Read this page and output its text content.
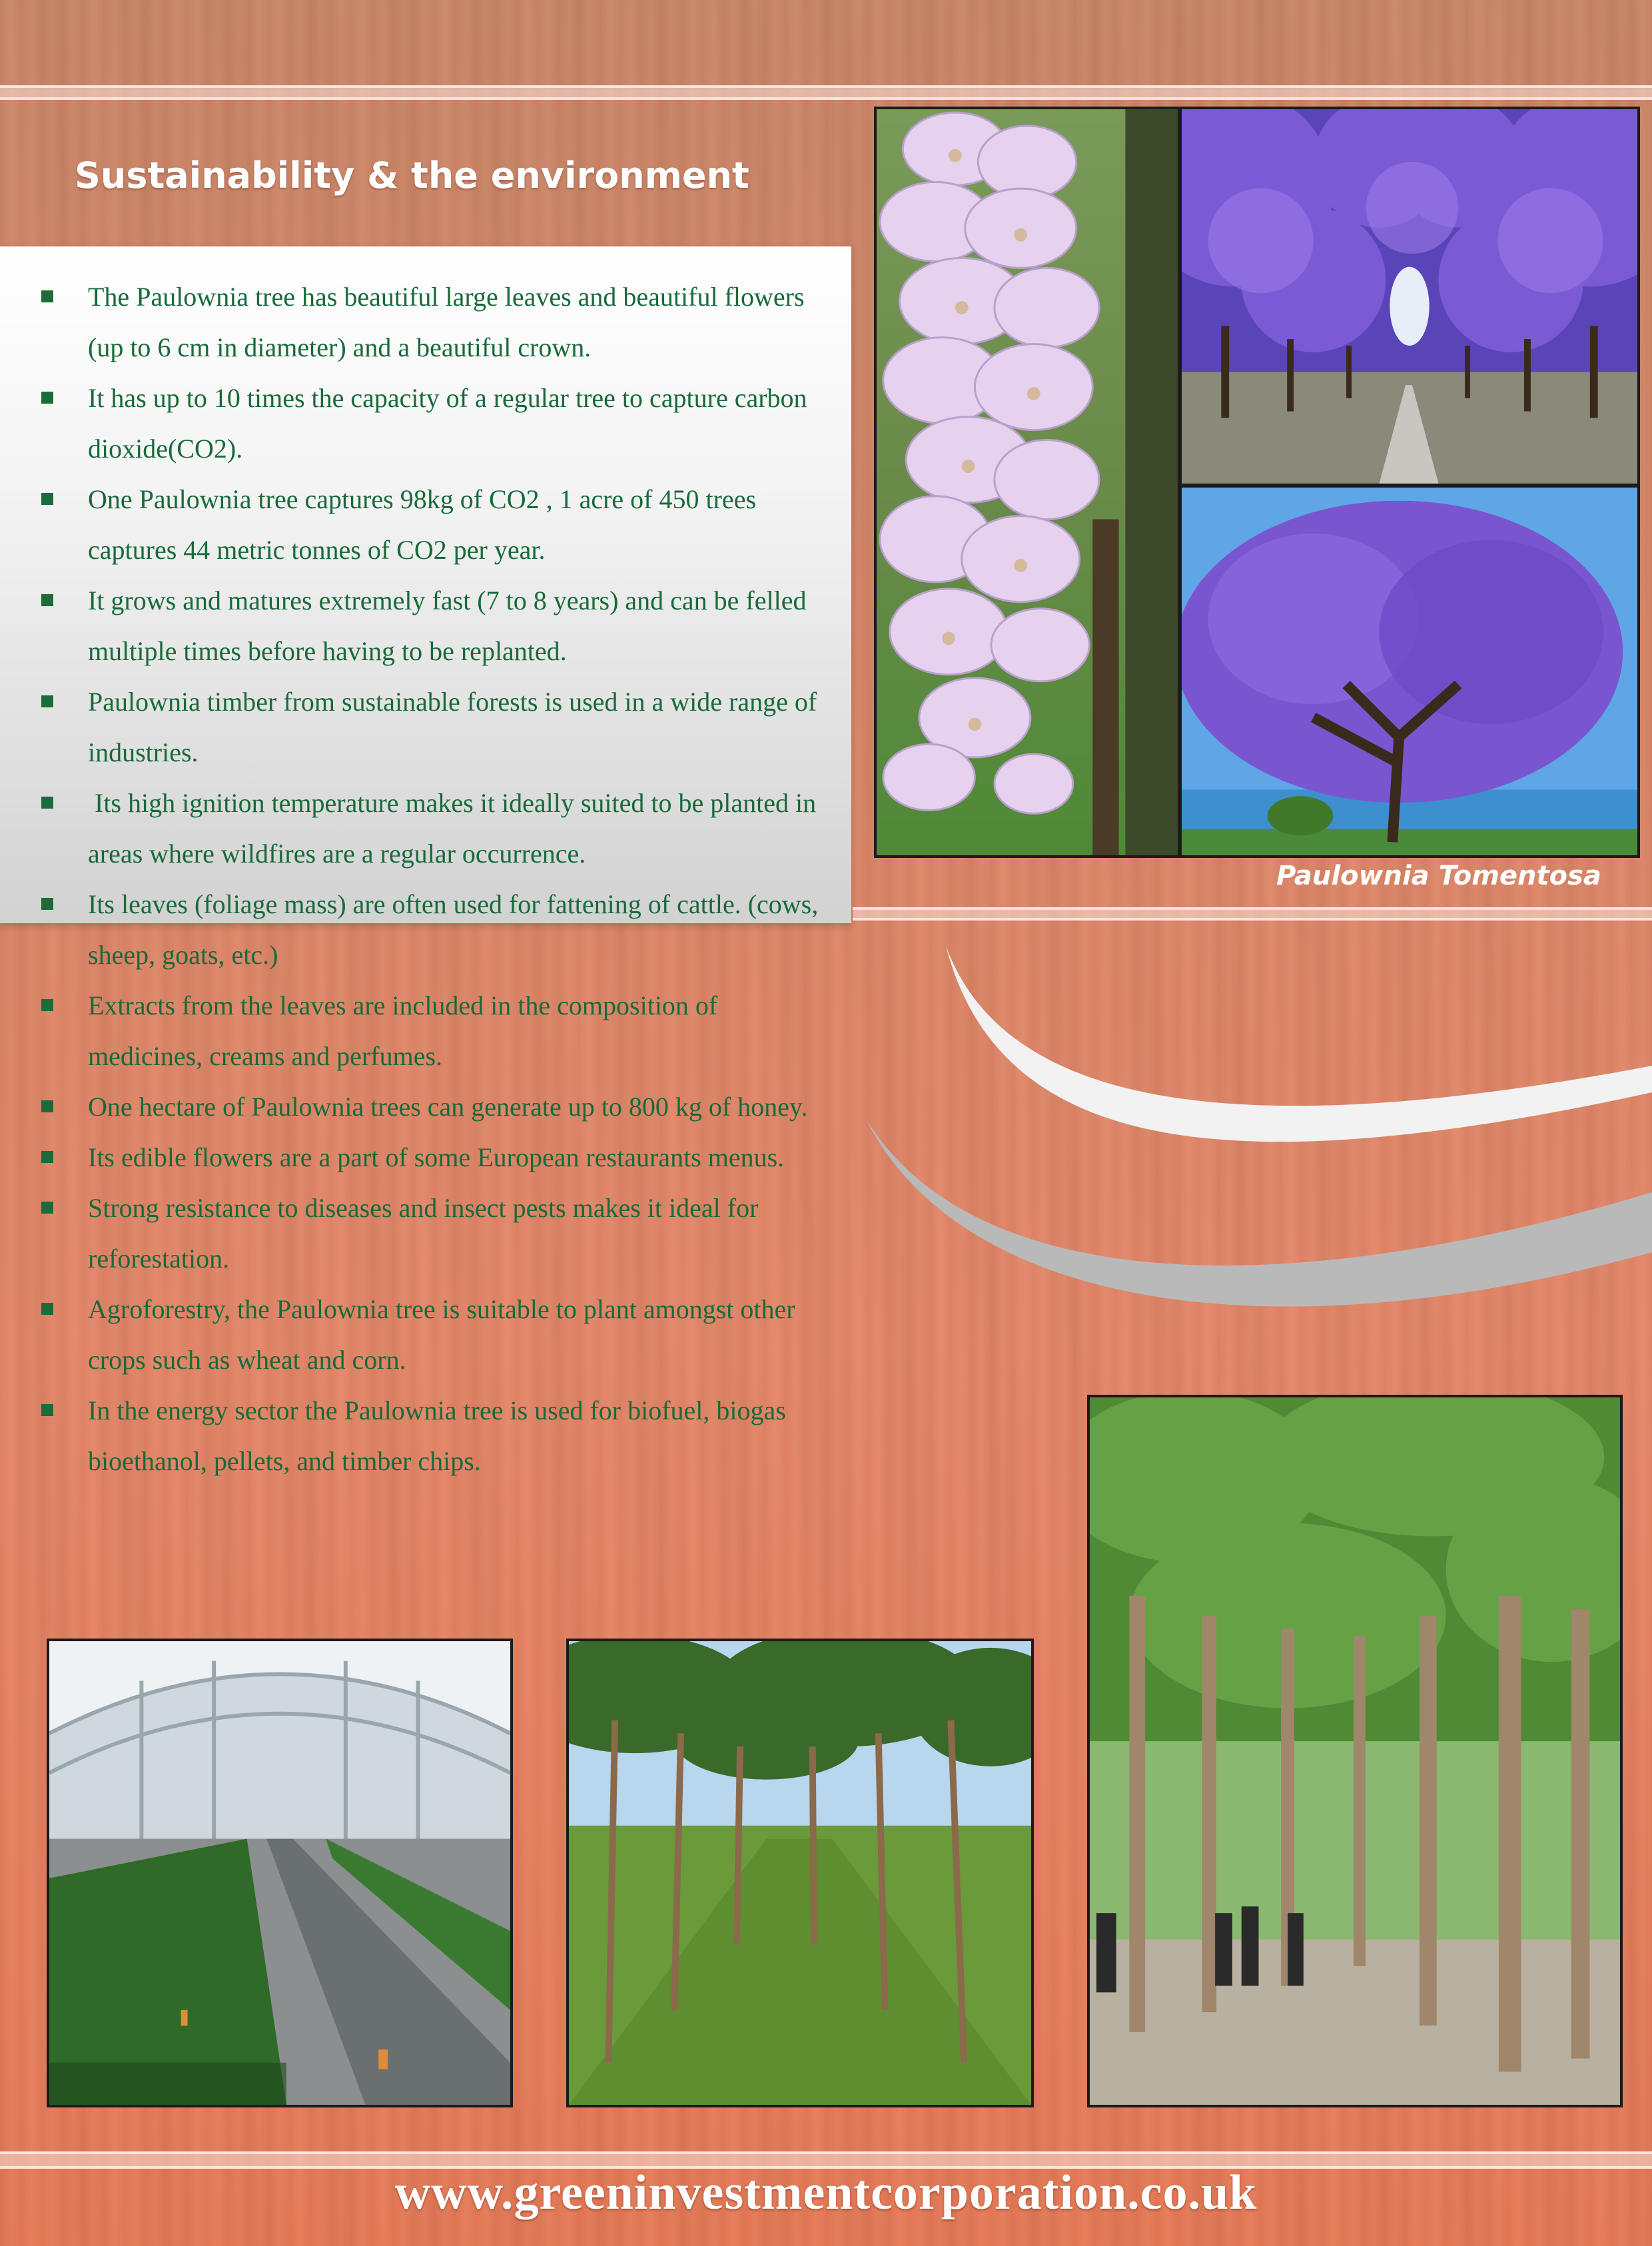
Sustainability & the environment
The Paulownia tree has beautiful large leaves and beautiful flowers (up to 6 cm in diameter) and a beautiful crown.
It has up to 10 times the capacity of a regular tree to capture carbon dioxide(CO2).
One Paulownia tree captures 98kg of CO2 , 1 acre of 450 trees captures 44 metric tonnes of CO2 per year.
It grows and matures extremely fast (7 to 8 years) and can be felled multiple times before having to be replanted.
Paulownia timber from sustainable forests is used in a wide range of industries.
Its high ignition temperature makes it ideally suited to be planted in areas where wildfires are a regular occurrence.
Its leaves (foliage mass) are often used for fattening of cattle. (cows, sheep, goats, etc.)
Extracts from the leaves are included in the composition of medicines, creams and perfumes.
One hectare of Paulownia trees can generate up to 800 kg of honey.
Its edible flowers are a part of some European restaurants menus.
Strong resistance to diseases and insect pests makes it ideal for reforestation.
Agroforestry, the Paulownia tree is suitable to plant amongst other crops such as wheat and corn.
In the energy sector the Paulownia tree is used for biofuel, biogas bioethanol, pellets, and timber chips.
Paulownia Tomentosa
www.greeninvestmentcorporation.co.uk
